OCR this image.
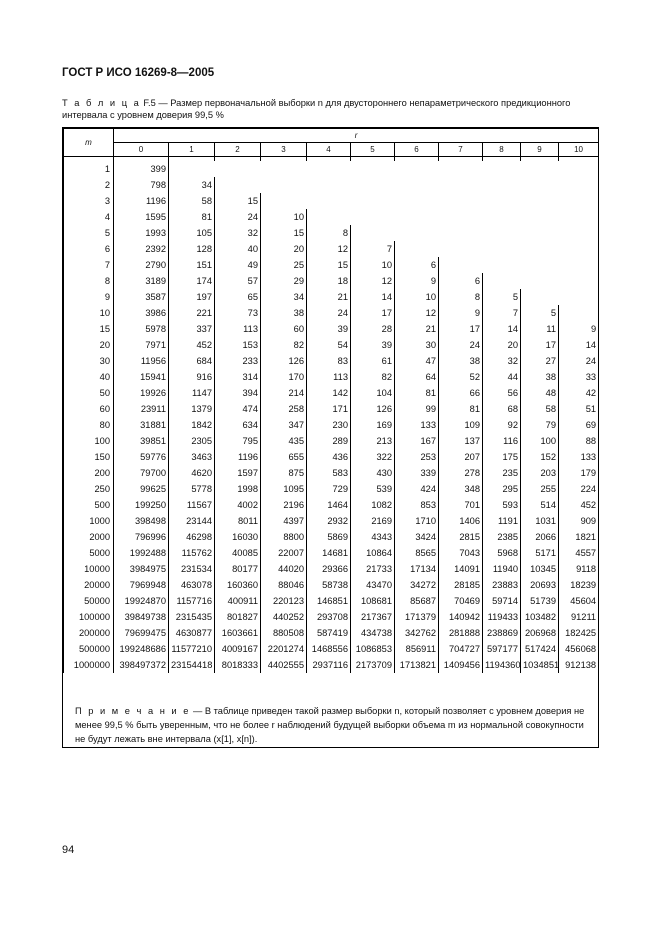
ГОСТ Р ИСО 16269-8—2005
Т а б л и ц а F.5 — Размер первоначальной выборки n для двустороннего непараметрического предикционного интервала с уровнем доверия 99,5 %
m	r										
	0	1	2	3	4	5	6	7	8	9	10

1	399										
2	798	34									
3	1196	58	15								
4	1595	81	24	10							
5	1993	105	32	15	8						
6	2392	128	40	20	12	7					
7	2790	151	49	25	15	10	6				
8	3189	174	57	29	18	12	9	6			
9	3587	197	65	34	21	14	10	8	5		
10	3986	221	73	38	24	17	12	9	7	5	
15	5978	337	113	60	39	28	21	17	14	11	9
20	7971	452	153	82	54	39	30	24	20	17	14
30	11956	684	233	126	83	61	47	38	32	27	24
40	15941	916	314	170	113	82	64	52	44	38	33
50	19926	1147	394	214	142	104	81	66	56	48	42
60	23911	1379	474	258	171	126	99	81	68	58	51
80	31881	1842	634	347	230	169	133	109	92	79	69
100	39851	2305	795	435	289	213	167	137	116	100	88
150	59776	3463	1196	655	436	322	253	207	175	152	133
200	79700	4620	1597	875	583	430	339	278	235	203	179
250	99625	5778	1998	1095	729	539	424	348	295	255	224
500	199250	11567	4002	2196	1464	1082	853	701	593	514	452
1000	398498	23144	8011	4397	2932	2169	1710	1406	1191	1031	909
2000	796996	46298	16030	8800	5869	4343	3424	2815	2385	2066	1821
5000	1992488	115762	40085	22007	14681	10864	8565	7043	5968	5171	4557
10000	3984975	231534	80177	44020	29366	21733	17134	14091	11940	10345	9118
20000	7969948	463078	160360	88046	58738	43470	34272	28185	23883	20693	18239
50000	19924870	1157716	400911	220123	146851	108681	85687	70469	59714	51739	45604
100000	39849738	2315435	801827	440252	293708	217367	171379	140942	119433	103482	91211
200000	79699475	4630877	1603661	880508	587419	434738	342762	281888	238869	206968	182425
500000	199248686	11577210	4009167	2201274	1468556	1086853	856911	704727	597177	517424	456068
1000000	398497372	23154418	8018333	4402555	2937116	2173709	1713821	1409456	1194360	1034851	912138
П р и м е ч а н и е — В таблице приведен такой размер выборки n, который позволяет с уровнем доверия не менее 99,5 % быть уверенным, что не более r наблюдений будущей выборки объема m из нормальной совокупности не будут лежать вне интервала (x[1], x[n]).
94
